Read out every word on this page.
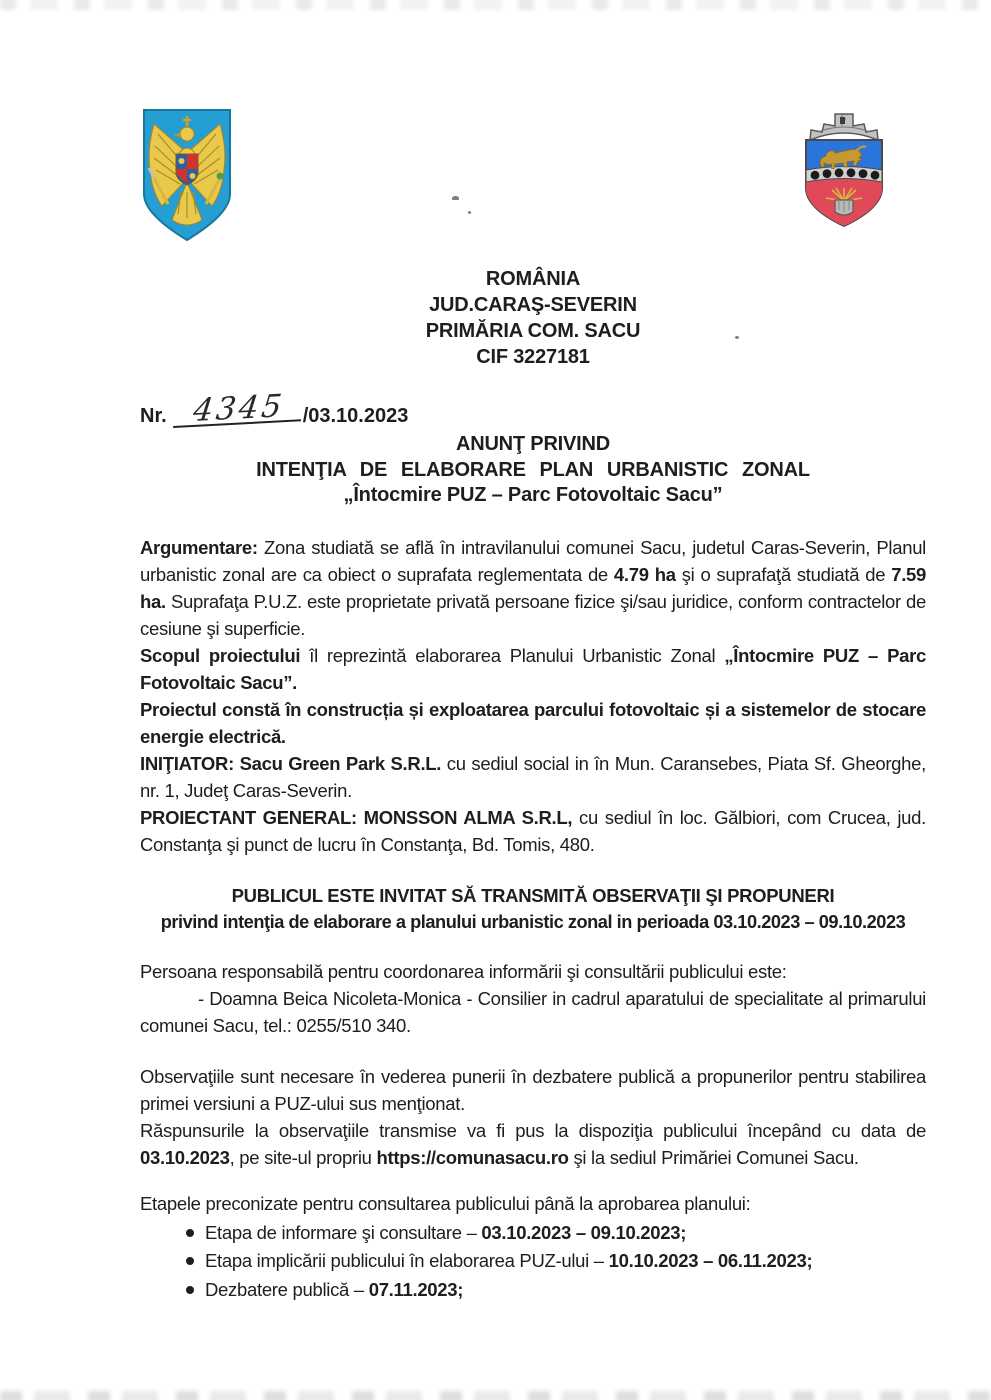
ROMÂNIA
JUD.CARAŞ-SEVERIN
PRIMĂRIA COM. SACU
CIF 3227181
Nr. 4345 /03.10.2023
ANUNŢ PRIVIND
INTENŢIA DE ELABORARE PLAN URBANISTIC ZONAL
„Întocmire PUZ – Parc Fotovoltaic Sacu”

Argumentare: Zona studiată se află în intravilanului comunei Sacu, judetul Caras-Severin, Planul urbanistic zonal are ca obiect o suprafata reglementata de 4.79 ha şi o suprafaţă studiată de 7.59 ha. Suprafaţa P.U.Z. este proprietate privată persoane fizice şi/sau juridice, conform contractelor de cesiune şi superficie.

Scopul proiectului îl reprezintă elaborarea Planului Urbanistic Zonal „Întocmire PUZ – Parc Fotovoltaic Sacu”.

Proiectul constă în construcția și exploatarea parcului fotovoltaic și a sistemelor de stocare energie electrică.

INIŢIATOR: Sacu Green Park S.R.L. cu sediul social in în Mun. Caransebes, Piata Sf. Gheorghe, nr. 1, Judeţ Caras-Severin.

PROIECTANT GENERAL: MONSSON ALMA S.R.L, cu sediul în loc. Gălbiori, com Crucea, jud. Constanţa şi punct de lucru în Constanţa, Bd. Tomis, 480.

PUBLICUL ESTE INVITAT SĂ TRANSMITĂ OBSERVAŢII ŞI PROPUNERI
privind intenţia de elaborare a planului urbanistic zonal in perioada 03.10.2023 – 09.10.2023

Persoana responsabilă pentru coordonarea informării şi consultării publicului este:

- Doamna Beica Nicoleta-Monica - Consilier in cadrul aparatului de specialitate al primarului comunei Sacu, tel.: 0255/510 340.

Observaţiile sunt necesare în vederea punerii în dezbatere publică a propunerilor pentru stabilirea primei versiuni a PUZ-ului sus menţionat.

Răspunsurile la observaţiile transmise va fi pus la dispoziţia publicului începând cu data de 03.10.2023, pe site-ul propriu https://comunasacu.ro şi la sediul Primăriei Comunei Sacu.

Etapele preconizate pentru consultarea publicului până la aprobarea planului:

Etapa de informare şi consultare – 03.10.2023 – 09.10.2023;
Etapa implicării publicului în elaborarea PUZ-ului – 10.10.2023 – 06.11.2023;
Dezbatere publică – 07.11.2023;
